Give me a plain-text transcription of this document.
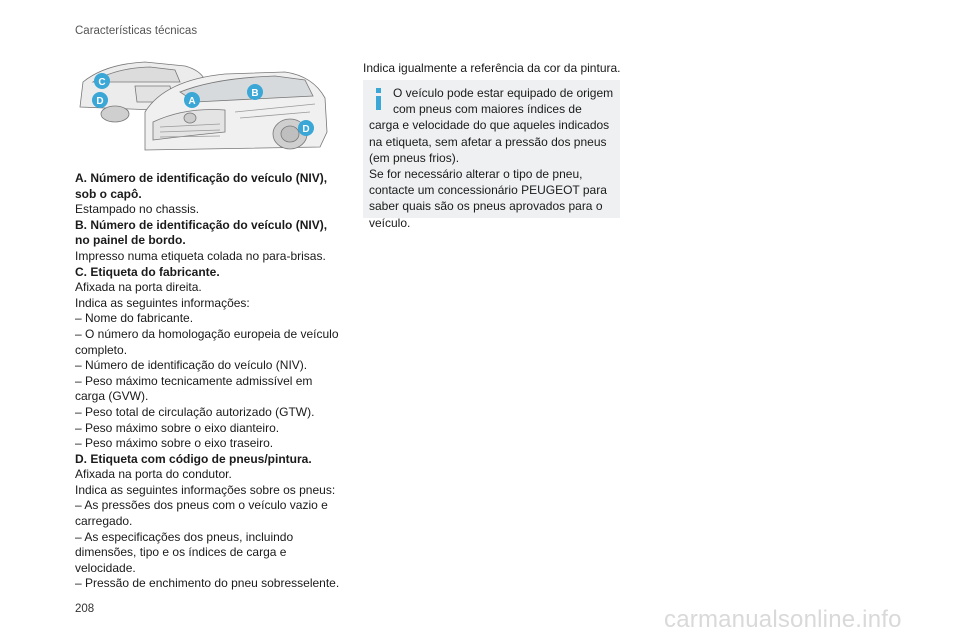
Características técnicas
C
D	A
B
D

A. Número de identificação do veículo (NIV), sob o capô.

Estampado no chassis.

B. Número de identificação do veículo (NIV), no painel de bordo.

Impresso numa etiqueta colada no para-brisas.

C. Etiqueta do fabricante.

Afixada na porta direita.

Indica as seguintes informações:

– Nome do fabricante.

– O número da homologação europeia de veículo completo.

– Número de identificação do veículo (NIV).

– Peso máximo tecnicamente admissível em carga (GVW).

– Peso total de circulação autorizado (GTW).

– Peso máximo sobre o eixo dianteiro.

– Peso máximo sobre o eixo traseiro.

D. Etiqueta com código de pneus/pintura.

Afixada na porta do condutor.

Indica as seguintes informações sobre os pneus:

– As pressões dos pneus com o veículo vazio e carregado.

– As especificações dos pneus, incluindo dimensões, tipo e os índices de carga e velocidade.

– Pressão de enchimento do pneu sobresselente.

Indica igualmente a referência da cor da pintura.

O veículo pode estar equipado de origem com pneus com maiores índices de carga e velocidade do que aqueles indicados na etiqueta, sem afetar a pressão dos pneus (em pneus frios).

Se for necessário alterar o tipo de pneu, contacte um concessionário PEUGEOT para saber quais são os pneus aprovados para o veículo.

208	carmanualsonline.info
